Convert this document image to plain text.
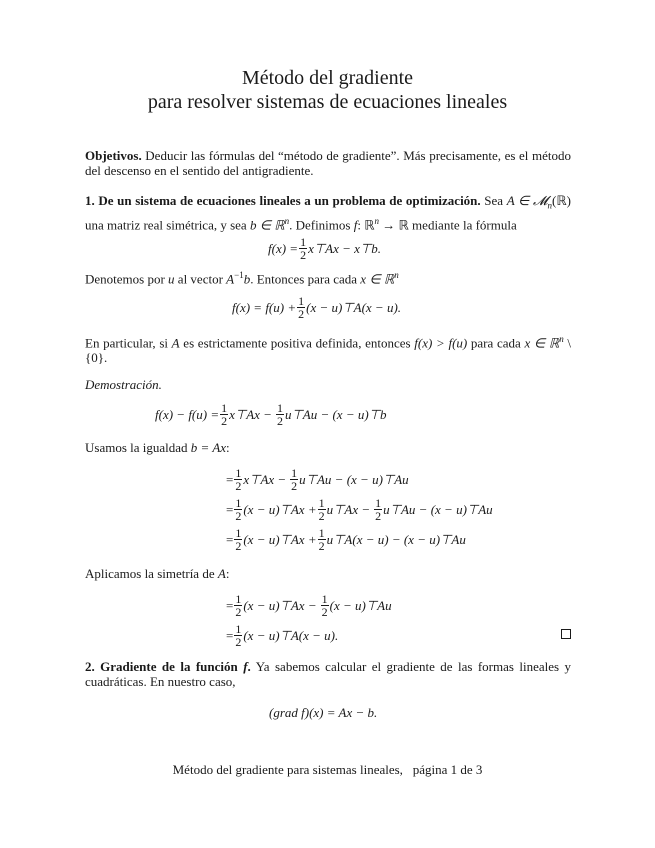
Método del gradiente
para resolver sistemas de ecuaciones lineales
Objetivos. Deducir las fórmulas del “método de gradiente”. Más precisamente, es el método del descenso en el sentido del antigradiente.
1. De un sistema de ecuaciones lineales a un problema de optimización. Sea A ∈ 𝓜$_n$(ℝ) una matriz real simétrica, y sea b ∈ ℝ$^n$. Definimos f: ℝ$^n$ → ℝ mediante la fórmula
$f(x) = \frac{1}{2}$ x⊤Ax − x⊤b.
Denotemos por u al vector $A^{-1}b$. Entonces para cada x ∈ ℝ$^n$
$f(x) = f(u) + \frac{1}{2} (x$ − u)⊤A(x − u).
En particular, si A es estrictamente positiva definida, entonces f(x) > f(u) para cada x ∈ ℝ$^n$ \ {0}.
Demostración.
$f(x) - f(u) = \frac{1}{2}$ x⊤Ax − $\frac{1}{2}$ u⊤Au − (x − u)⊤b
Usamos la igualdad b = Ax:
= $\frac{1}{2}$ x⊤Ax − $\frac{1}{2}$ u⊤Au − (x − u)⊤Au
= $\frac{1}{2} (x$ − u)⊤Ax + $\frac{1}{2}$ u⊤Ax − $\frac{1}{2}$ u⊤Au − (x − u)⊤Au
= $\frac{1}{2} (x$ − u)⊤Ax + $\frac{1}{2}$ u⊤A(x − u) − (x − u)⊤Au
Aplicamos la simetría de A:
= $\frac{1}{2} (x$ − u)⊤Ax − $\frac{1}{2} (x$ − u)⊤Au
= $\frac{1}{2} (x$ − u)⊤A(x − u).
2. Gradiente de la función f. Ya sabemos calcular el gradiente de las formas lineales y cuadráticas. En nuestro caso,
(grad f)(x) = Ax − b.
Método del gradiente para sistemas lineales, página 1 de 3
